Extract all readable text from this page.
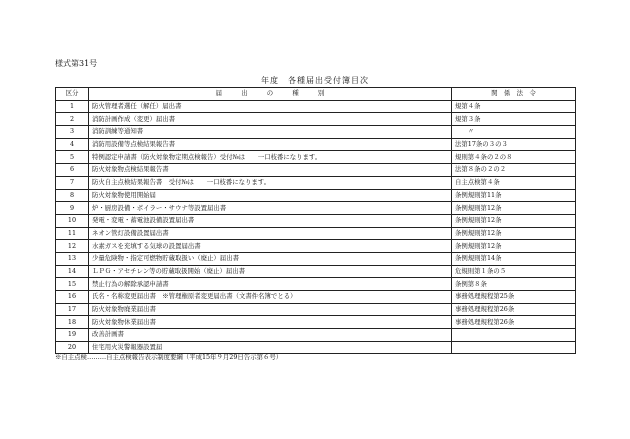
様式第31号
年度　各種届出受付簿目次
区分	届　　　出　　　の　　　種　　　別	関　係　法　令
1	防火管理者選任（解任）届出書	規第４条
2	消防計画作成（変更）届出書	規第３条
3	消防訓練等通知書	　　〃
4	消防用設備等点検結果報告書	法第17条の３の３
5	特例認定申請書（防火対象物定期点検報告）受付№は　　一口枝番になります。	規則第４条の２の８
6	防火対象物点検結果報告書	法第８条の２の２
7	防火自主点検結果報告書　受付№は　　一口枝番になります。	自主点検第４条
8	防火対象物使用開始届	条例規則第11条
9	炉・厨房設備・ボイラー・サウナ等設置届出書	条例規則第12条
10	発電・変電・蓄電池設備設置届出書	条例規則第12条
11	ネオン管灯設備設置届出書	条例規則第12条
12	水素ガスを充填する気球の設置届出書	条例規則第12条
13	少量危険物・指定可燃物貯蔵取扱い（廃止）届出書	条例規則第14条
14	ＬＰＧ・アセチレン等の貯蔵取扱開始（廃止）届出書	危規則第１条の５
15	禁止行為の解除承認申請書	条例第８条
16	氏名・名称変更届出書　※管理権原者変更届出書（文書件名簿でとる）	事務処理規程第25条
17	防火対象物廃業届出書	事務処理規程第26条
18	防火対象物休業届出書	事務処理規程第26条
19	改善計画書	
20	住宅用火災警報器設置届	
※自主点検………自主点検報告表示制度要綱（平成15年９月29日告示第６号）
